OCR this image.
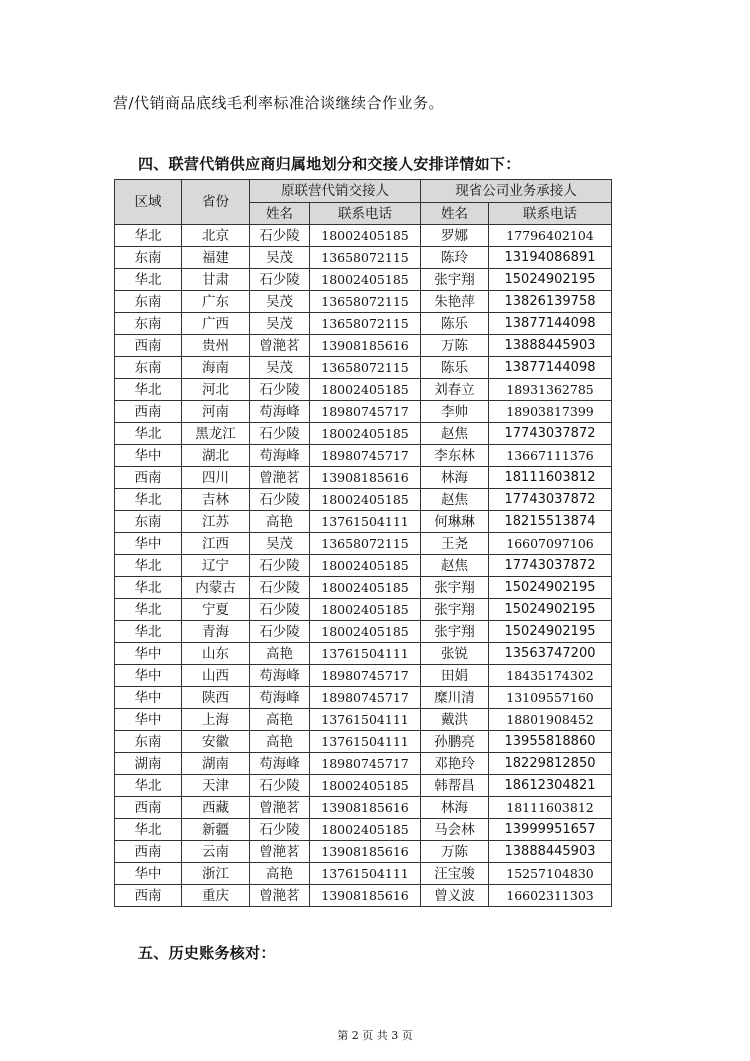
营/代销商品底线毛利率标准洽谈继续合作业务。
四、联营代销供应商归属地划分和交接人安排详情如下：
区域	省份	原联营代销交接人		现省公司业务承接人	
		姓名	联系电话	姓名	联系电话
华北	北京	石少陵	18002405185	罗娜	17796402104
东南	福建	吴茂	13658072115	陈玲	13194086891
华北	甘肃	石少陵	18002405185	张宇翔	15024902195
东南	广东	吴茂	13658072115	朱艳萍	13826139758
东南	广西	吴茂	13658072115	陈乐	13877144098
西南	贵州	曾滟茗	13908185616	万陈	13888445903
东南	海南	吴茂	13658072115	陈乐	13877144098
华北	河北	石少陵	18002405185	刘春立	18931362785
西南	河南	苟海峰	18980745717	李帅	18903817399
华北	黑龙江	石少陵	18002405185	赵焦	17743037872
华中	湖北	苟海峰	18980745717	李东林	13667111376
西南	四川	曾滟茗	13908185616	林海	18111603812
华北	吉林	石少陵	18002405185	赵焦	17743037872
东南	江苏	高艳	13761504111	何琳琳	18215513874
华中	江西	吴茂	13658072115	王尧	16607097106
华北	辽宁	石少陵	18002405185	赵焦	17743037872
华北	内蒙古	石少陵	18002405185	张宇翔	15024902195
华北	宁夏	石少陵	18002405185	张宇翔	15024902195
华北	青海	石少陵	18002405185	张宇翔	15024902195
华中	山东	高艳	13761504111	张锐	13563747200
华中	山西	苟海峰	18980745717	田娟	18435174302
华中	陕西	苟海峰	18980745717	糜川清	13109557160
华中	上海	高艳	13761504111	戴洪	18801908452
东南	安徽	高艳	13761504111	孙鹏亮	13955818860
湖南	湖南	苟海峰	18980745717	邓艳玲	18229812850
华北	天津	石少陵	18002405185	韩帮昌	18612304821
西南	西藏	曾滟茗	13908185616	林海	18111603812
华北	新疆	石少陵	18002405185	马会林	13999951657
西南	云南	曾滟茗	13908185616	万陈	13888445903
华中	浙江	高艳	13761504111	汪宝骏	15257104830
西南	重庆	曾滟茗	13908185616	曾义波	16602311303
五、历史账务核对：
第 2 页 共 3 页
